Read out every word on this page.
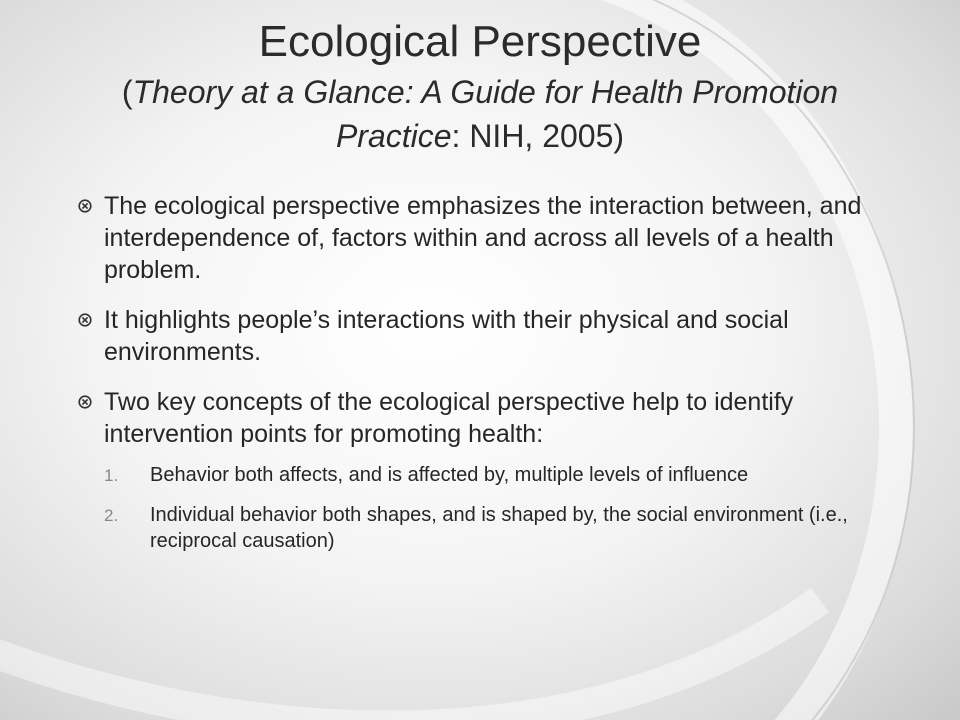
Ecological Perspective
(Theory at a Glance: A Guide for Health Promotion Practice: NIH, 2005)
The ecological perspective emphasizes the interaction between, and interdependence of, factors within and across all levels of a health problem.
It highlights people’s interactions with their physical and social environments.
Two key concepts of the ecological perspective help to identify intervention points for promoting health:
1. Behavior both affects, and is affected by, multiple levels of influence
2. Individual behavior both shapes, and is shaped by, the social environment (i.e., reciprocal causation)
